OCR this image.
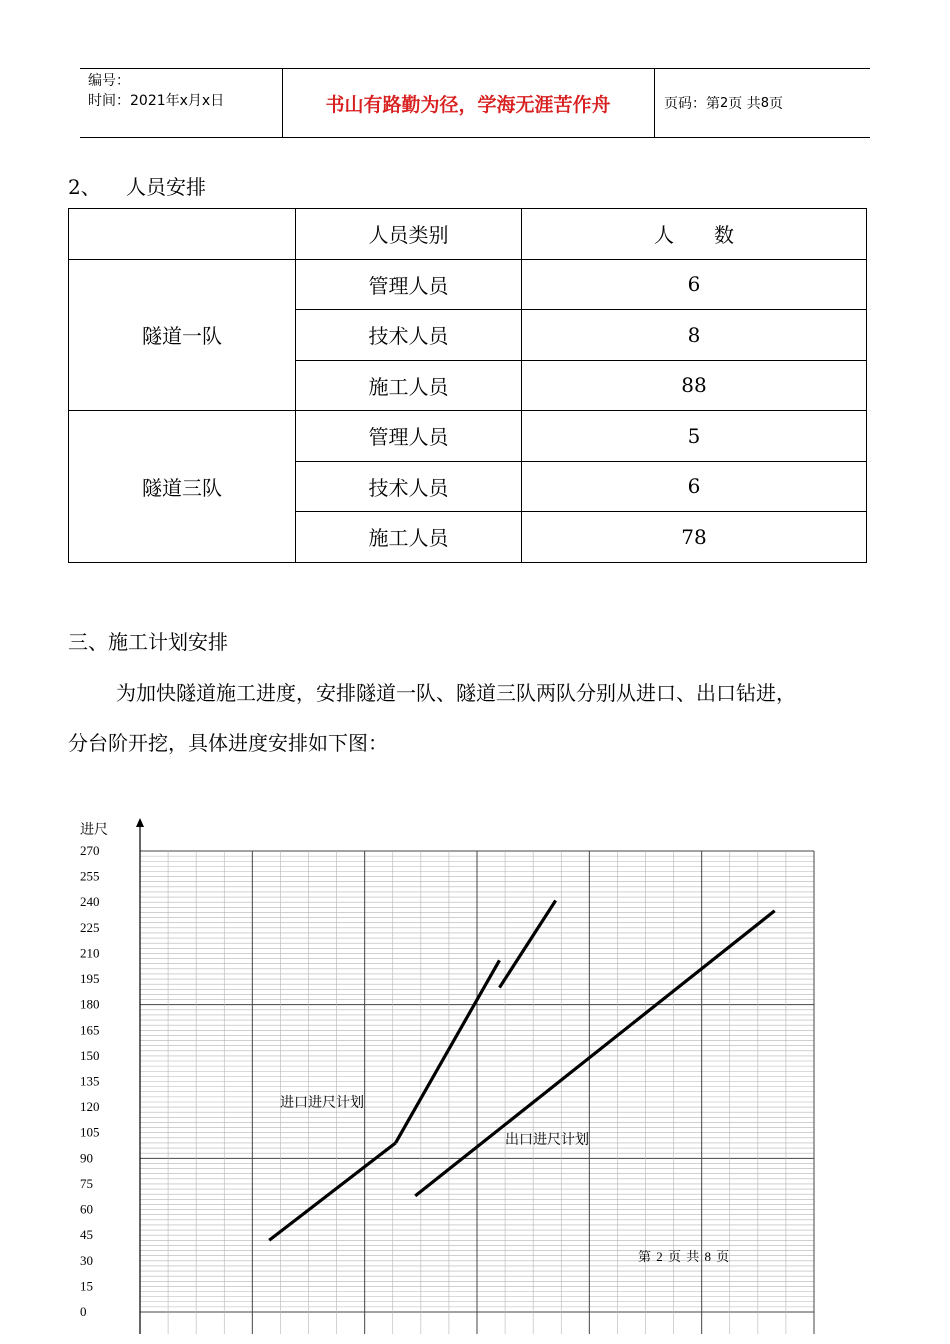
编号：
时间：2021年x月x日	书山有路勤为径，学海无涯苦作舟	页码：第 2 页 共 8 页
2、 人员安排
	人员类别	人　　数
隧道一队	管理人员	6
	技术人员	8
	施工人员	88
隧道三队	管理人员	5
	技术人员	6
	施工人员	78
三、施工计划安排
为加快隧道施工进度，安排隧道一队、隧道三队两队分别从进口、出口钻进，
分台阶开挖，具体进度安排如下图：
0
15
30
45
60
75
90
105
120
135
150
165
180
195
210
225
240
255
270
进尺
进口进尺计划
出口进尺计划
第 2 页 共 8 页
